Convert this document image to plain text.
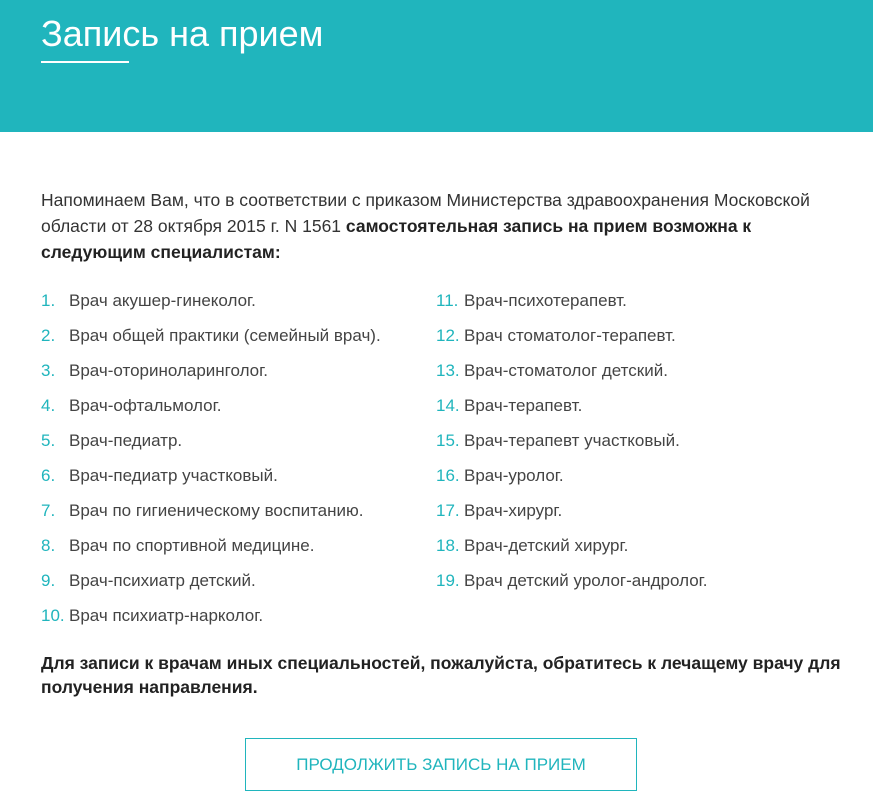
Запись на прием

Напоминаем Вам, что в соответствии с приказом Министерства здравоохранения Московской области от 28 октября 2015 г. N 1561 самостоятельная запись на прием возможна к следующим специалистам:

1. Врач акушер-гинеколог.
2. Врач общей практики (семейный врач).
3. Врач-оториноларинголог.
4. Врач-офтальмолог.
5. Врач-педиатр.
6. Врач-педиатр участковый.
7. Врач по гигиеническому воспитанию.
8. Врач по спортивной медицине.
9. Врач-психиатр детский.
10. Врач психиатр-нарколог.
11. Врач-психотерапевт.
12. Врач стоматолог-терапевт.
13. Врач-стоматолог детский.
14. Врач-терапевт.
15. Врач-терапевт участковый.
16. Врач-уролог.
17. Врач-хирург.
18. Врач-детский хирург.
19. Врач детский уролог-андролог.

Для записи к врачам иных специальностей, пожалуйста, обратитесь к лечащему врачу для получения направления.

ПРОДОЛЖИТЬ ЗАПИСЬ НА ПРИЕМ
